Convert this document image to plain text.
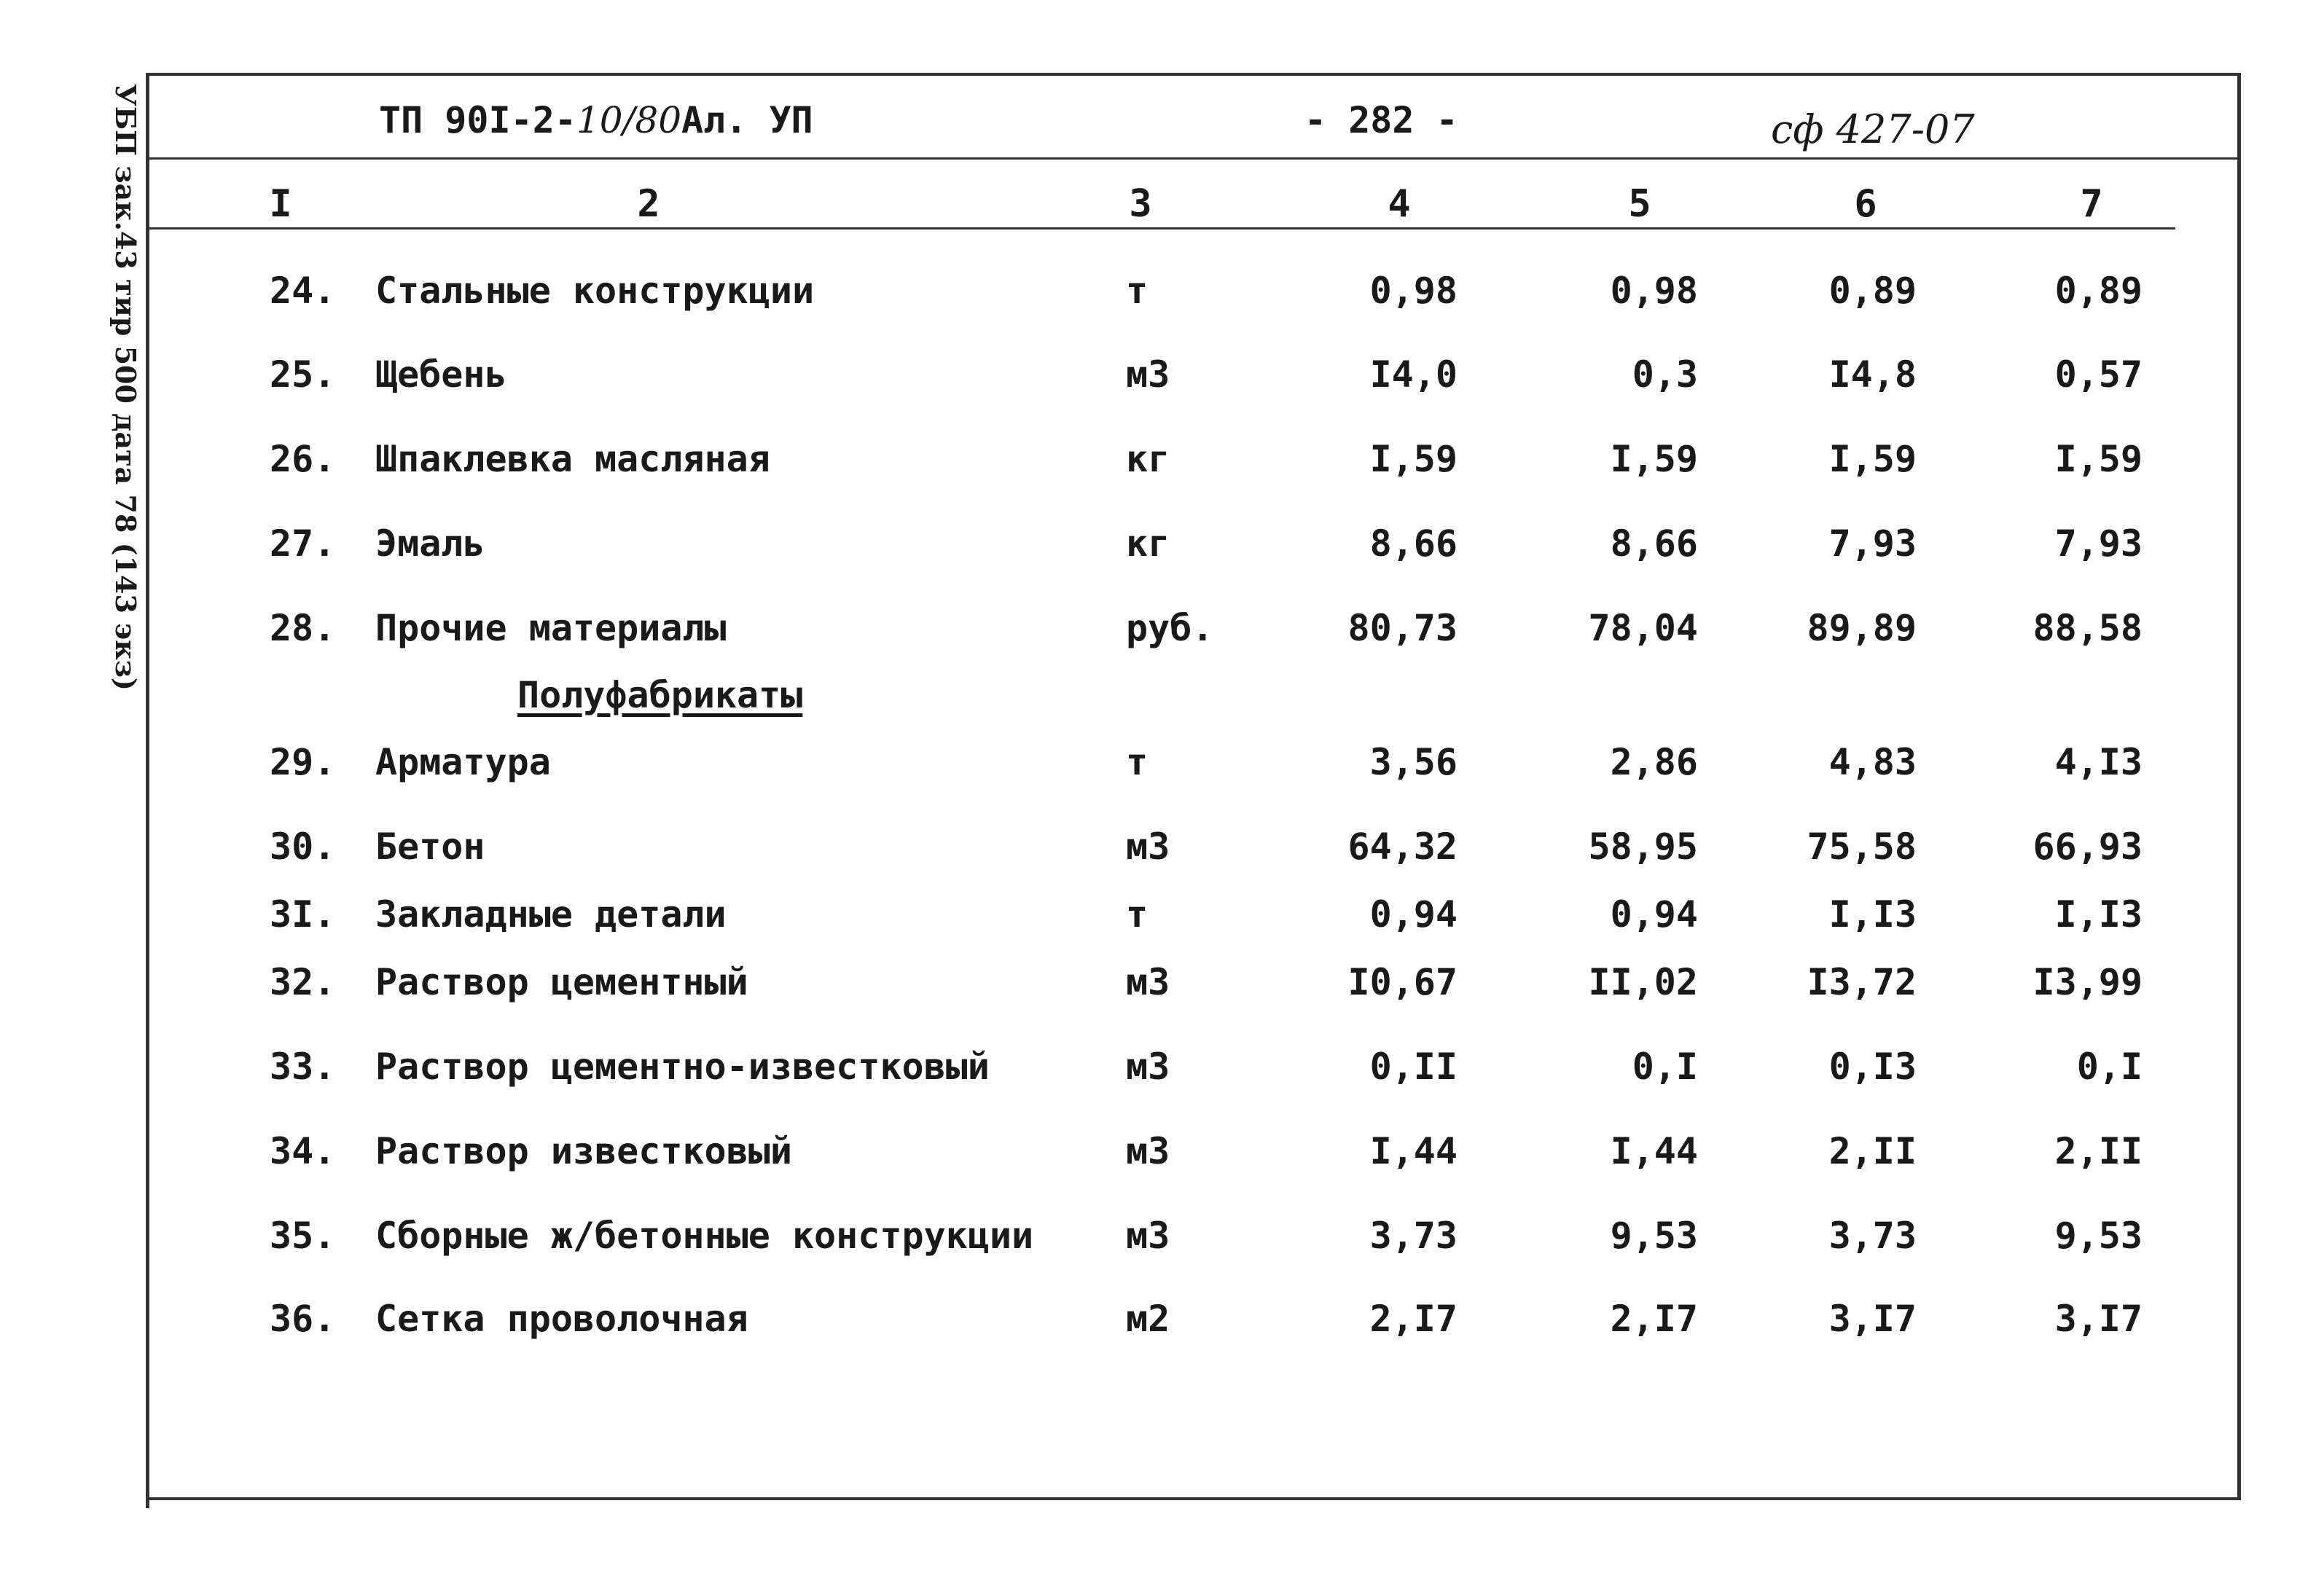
УБП зак.43 тир 500 дата 78 (143 экз)	ТП 90I-2-10/80Ал. УП	- 282 -	сф 427-07
I	2	3	4	5	6	7
24. Стальные конструкции	т	0,98	0,98	0,89	0,89
25. Щебень	м3	I4,0	0,3	I4,8	0,57
26. Шпаклевка масляная	кг	I,59	I,59	I,59	I,59
27. Эмаль	кг	8,66	8,66	7,93	7,93
28. Прочие материалы	руб.	80,73	78,04	89,89	88,58
Полуфабрикаты
29. Арматура	т	3,56	2,86	4,83	4,I3
30. Бетон	м3	64,32	58,95	75,58	66,93
3I. Закладные детали	т	0,94	0,94	I,I3	I,I3
32. Раствор цементный	м3	I0,67	II,02	I3,72	I3,99
33. Раствор цементно-известковый	м3	0,II	0,I	0,I3	0,I
34. Раствор известковый	м3	I,44	I,44	2,II	2,II
35. Сборные ж/бетонные конструкции	м3	3,73	9,53	3,73	9,53
36. Сетка проволочная	м2	2,I7	2,I7	3,I7	3,I7
